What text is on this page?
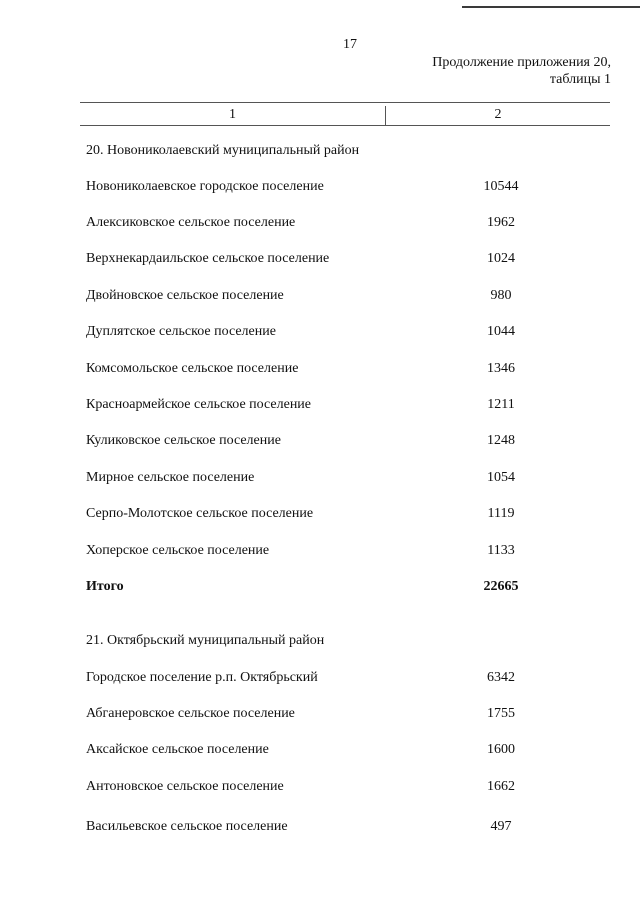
17
Продолжение приложения 20,
таблицы 1
1	2
20. Новониколаевский муниципальный район
Новониколаевское городское поселение	10544
Алексиковское сельское поселение	1962
Верхнекардаильское сельское поселение	1024
Двойновское сельское поселение	980
Дуплятское сельское поселение	1044
Комсомольское сельское поселение	1346
Красноармейское сельское поселение	1211
Куликовское сельское поселение	1248
Мирное сельское поселение	1054
Серпо-Молотское сельское поселение	1119
Хоперское сельское поселение	1133
Итого	22665
21. Октябрьский муниципальный район
Городское поселение р.п. Октябрьский	6342
Абганеровское сельское поселение	1755
Аксайское сельское поселение	1600
Антоновское сельское поселение	1662
Васильевское сельское поселение	497
